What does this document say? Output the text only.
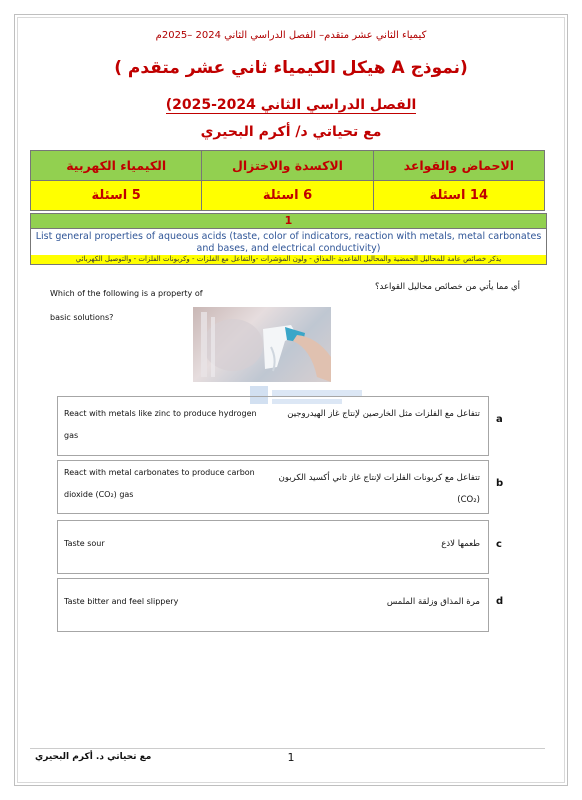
كيمياء الثاني عشر متقدم– الفصل الدراسي الثاني 2024 –2025م
(نموذج A هيكل الكيمياء ثاني عشر متقدم )
الفصل الدراسي الثاني 2024-2025)
مع تحياتي د/ أكرم البحيري
الاحماض والقواعد	الاكسدة والاختزال	الكيمياء الكهربية
14 اسئلة	6 اسئلة	5 اسئلة
1
List general properties of aqueous acids (taste, color of indicators, reaction with metals, metal carbonates and bases, and electrical conductivity)
يذكر خصائص عامة للمحاليل الحمضية والمحاليل القاعدية -المذاق - ولون المؤشرات -والتفاعل مع الفلزات - وكربونات الفلزات - والتوصيل الكهربائي
Which of the following is a property of basic solutions?
أي مما يأتي من خصائص محاليل القواعد؟
React with metals like zinc to produce hydrogen
gas
تتفاعل مع الفلزات مثل الخارصين لإنتاج غاز الهيدروجين a
React with metal carbonates to produce carbon
dioxide (CO₂) gas
تتفاعل مع كربونات الفلزات لإنتاج غاز ثاني أكسيد الكربون
(CO₂)
b
Taste sour	طعمها لاذع c
Taste bitter and feel slippery	مرة المذاق وزلقة الملمس d
مع تحياتي د. أكرم البحيري	1
